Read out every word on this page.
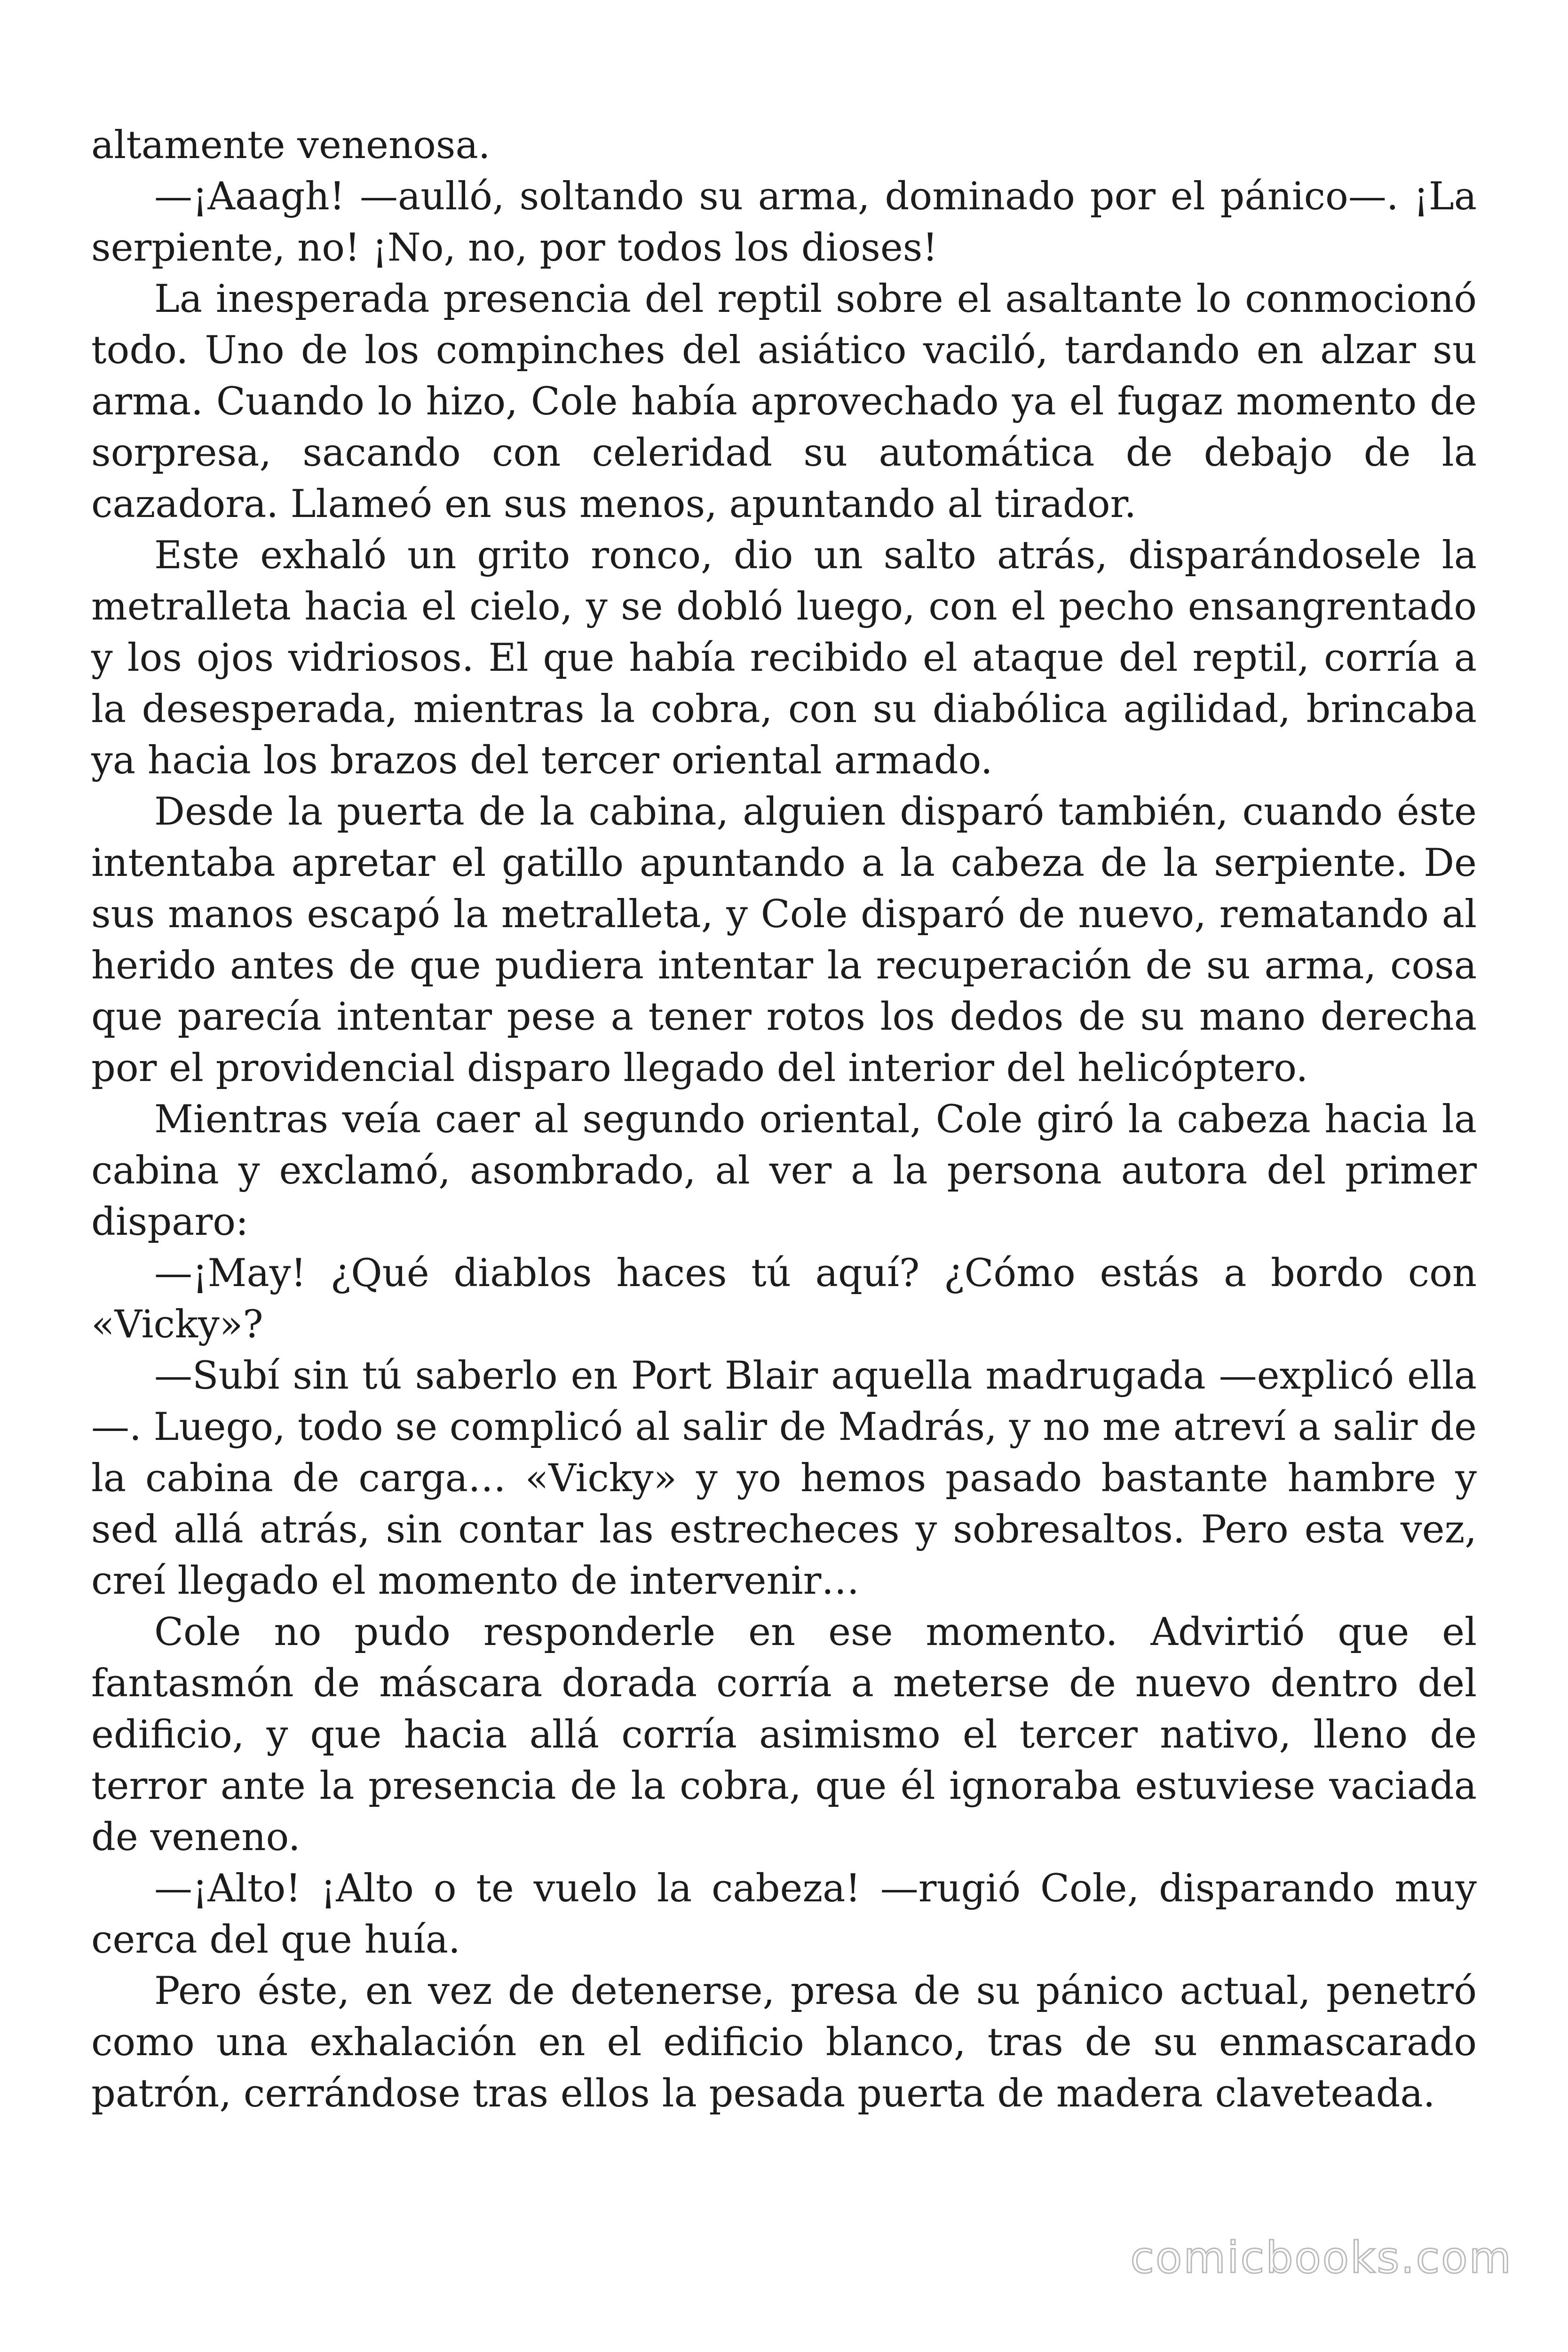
altamente venenosa.

—¡Aaagh! —aulló, soltando su arma, dominado por el pánico—. ¡La serpiente, no! ¡No, no, por todos los dioses!

La inesperada presencia del reptil sobre el asaltante lo conmocionó todo. Uno de los compinches del asiático vaciló, tardando en alzar su arma. Cuando lo hizo, Cole había aprovechado ya el fugaz momento de sorpresa, sacando con celeridad su automática de debajo de la cazadora. Llameó en sus menos, apuntando al tirador.

Este exhaló un grito ronco, dio un salto atrás, disparándosele la metralleta hacia el cielo, y se dobló luego, con el pecho ensangrentado y los ojos vidriosos. El que había recibido el ataque del reptil, corría a la desesperada, mientras la cobra, con su diabólica agilidad, brincaba ya hacia los brazos del tercer oriental armado.

Desde la puerta de la cabina, alguien disparó también, cuando éste intentaba apretar el gatillo apuntando a la cabeza de la serpiente. De sus manos escapó la metralleta, y Cole disparó de nuevo, rematando al herido antes de que pudiera intentar la recuperación de su arma, cosa que parecía intentar pese a tener rotos los dedos de su mano derecha por el providencial disparo llegado del interior del helicóptero.

Mientras veía caer al segundo oriental, Cole giró la cabeza hacia la cabina y exclamó, asombrado, al ver a la persona autora del primer disparo:

—¡May! ¿Qué diablos haces tú aquí? ¿Cómo estás a bordo con «Vicky»?

—Subí sin tú saberlo en Port Blair aquella madrugada —explicó ella —. Luego, todo se complicó al salir de Madrás, y no me atreví a salir de la cabina de carga… «Vicky» y yo hemos pasado bastante hambre y sed allá atrás, sin contar las estrecheces y sobresaltos. Pero esta vez, creí llegado el momento de intervenir…

Cole no pudo responderle en ese momento. Advirtió que el fantasmón de máscara dorada corría a meterse de nuevo dentro del edificio, y que hacia allá corría asimismo el tercer nativo, lleno de terror ante la presencia de la cobra, que él ignoraba estuviese vaciada de veneno.

—¡Alto! ¡Alto o te vuelo la cabeza! —rugió Cole, disparando muy cerca del que huía.

Pero éste, en vez de detenerse, presa de su pánico actual, penetró como una exhalación en el edificio blanco, tras de su enmascarado patrón, cerrándose tras ellos la pesada puerta de madera claveteada.

comicbooks.com
